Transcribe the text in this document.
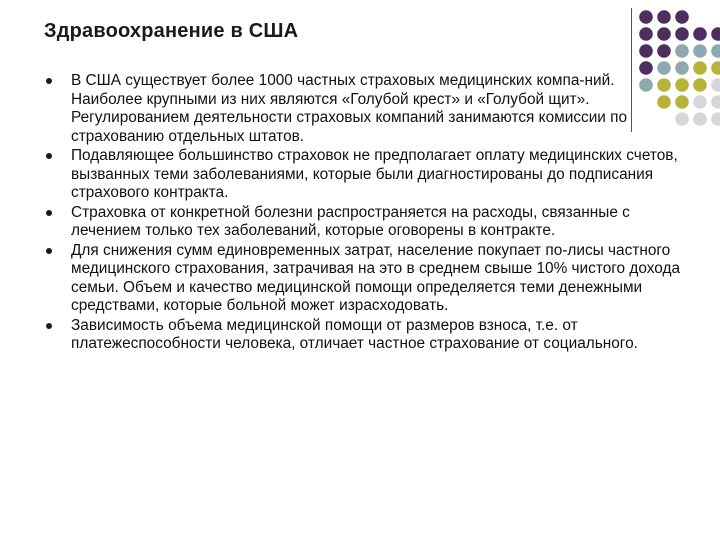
Здравоохранение в США
В США существует более 1000 частных страховых медицинских компа-ний. Наиболее крупными из них являются «Голубой крест» и «Голубой щит». Регулированием деятельности страховых компаний занимаются комиссии по страхованию отдельных штатов.
Подавляющее большинство страховок не предполагает оплату медицинских счетов, вызванных теми заболеваниями, которые были диагностированы до подписания страхового контракта.
Страховка от конкретной болезни распространяется на расходы, связанные с лечением только тех заболеваний, которые оговорены в контракте.
Для снижения сумм единовременных затрат, население покупает по-лисы частного медицинского страхования, затрачивая на это в среднем свыше 10% чистого дохода семьи. Объем и качество медицинской помощи определяется теми денежными средствами, которые больной может израсходовать.
Зависимость объема медицинской помощи от размеров взноса, т.е. от платежеспособности человека, отличает частное страхование от социального.
